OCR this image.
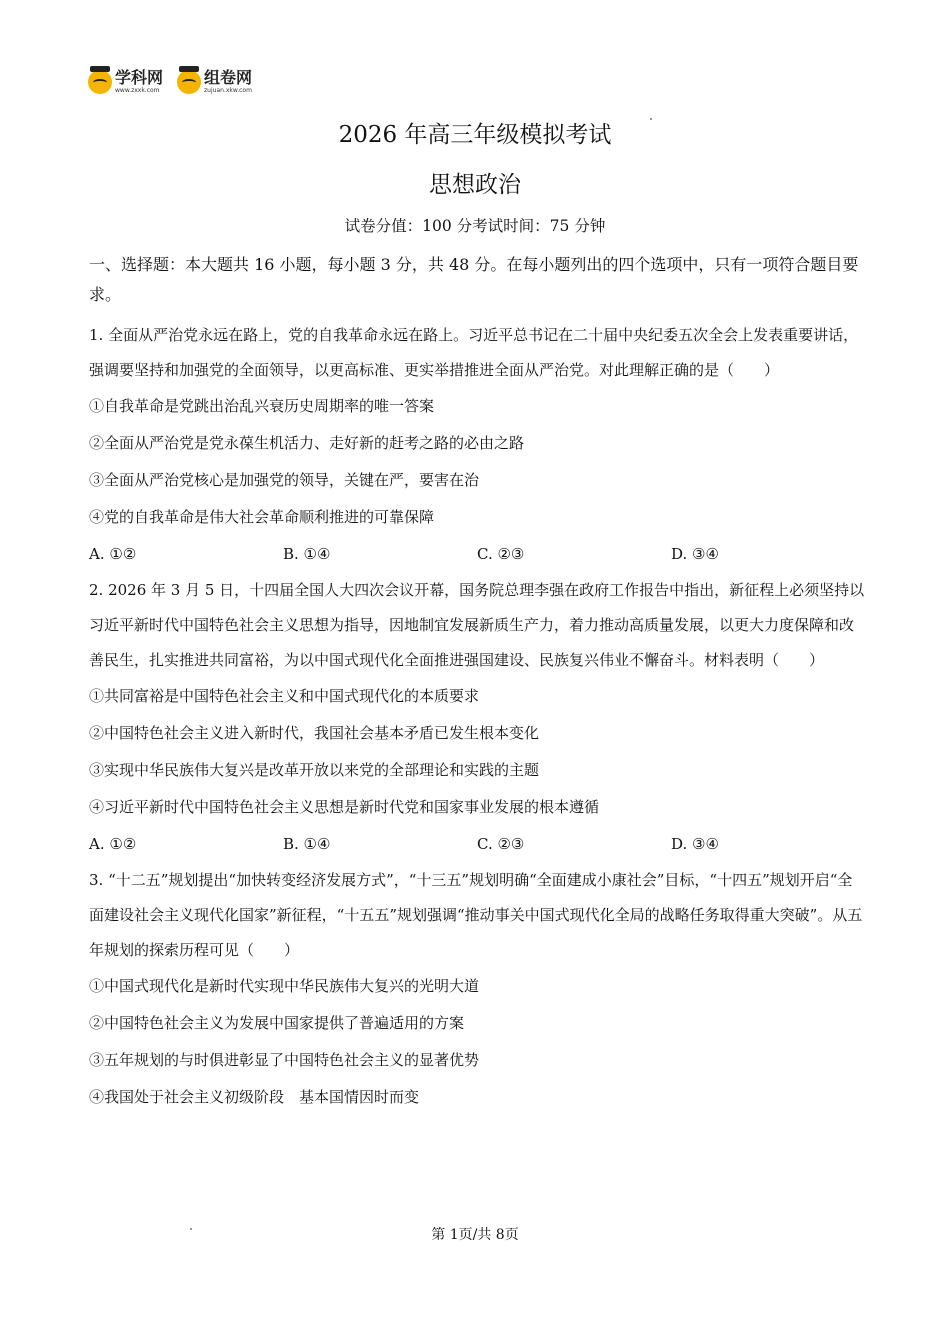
学科网
www.zxxk.com
组卷网
zujuan.xkw.com
2026 年高三年级模拟考试
思想政治
试卷分值：100 分考试时间：75 分钟

一、选择题：本大题共 16 小题，每小题 3 分，共 48 分。在每小题列出的四个选项中，只有一项符合题目要求。

1. 全面从严治党永远在路上，党的自我革命永远在路上。习近平总书记在二十届中央纪委五次全会上发表重要讲话，强调要坚持和加强党的全面领导，以更高标准、更实举措推进全面从严治党。对此理解正确的是（　　）

①自我革命是党跳出治乱兴衰历史周期率的唯一答案

②全面从严治党是党永葆生机活力、走好新的赶考之路的必由之路

③全面从严治党核心是加强党的领导，关键在严，要害在治

④党的自我革命是伟大社会革命顺利推进的可靠保障

A. ①②	B. ①④	C. ②③	D. ③④

2. 2026 年 3 月 5 日，十四届全国人大四次会议开幕，国务院总理李强在政府工作报告中指出，新征程上必须坚持以习近平新时代中国特色社会主义思想为指导，因地制宜发展新质生产力，着力推动高质量发展，以更大力度保障和改善民生，扎实推进共同富裕，为以中国式现代化全面推进强国建设、民族复兴伟业不懈奋斗。材料表明（　　）

①共同富裕是中国特色社会主义和中国式现代化的本质要求

②中国特色社会主义进入新时代，我国社会基本矛盾已发生根本变化

③实现中华民族伟大复兴是改革开放以来党的全部理论和实践的主题

④习近平新时代中国特色社会主义思想是新时代党和国家事业发展的根本遵循

A. ①②	B. ①④	C. ②③	D. ③④

3. “十二五”规划提出“加快转变经济发展方式”，“十三五”规划明确“全面建成小康社会”目标，“十四五”规划开启“全面建设社会主义现代化国家”新征程，“十五五”规划强调“推动事关中国式现代化全局的战略任务取得重大突破”。从五年规划的探索历程可见（　　）

①中国式现代化是新时代实现中华民族伟大复兴的光明大道

②中国特色社会主义为发展中国家提供了普遍适用的方案

③五年规划的与时俱进彰显了中国特色社会主义的显著优势

④我国处于社会主义初级阶段　基本国情因时而变

第 1页/共 8页
